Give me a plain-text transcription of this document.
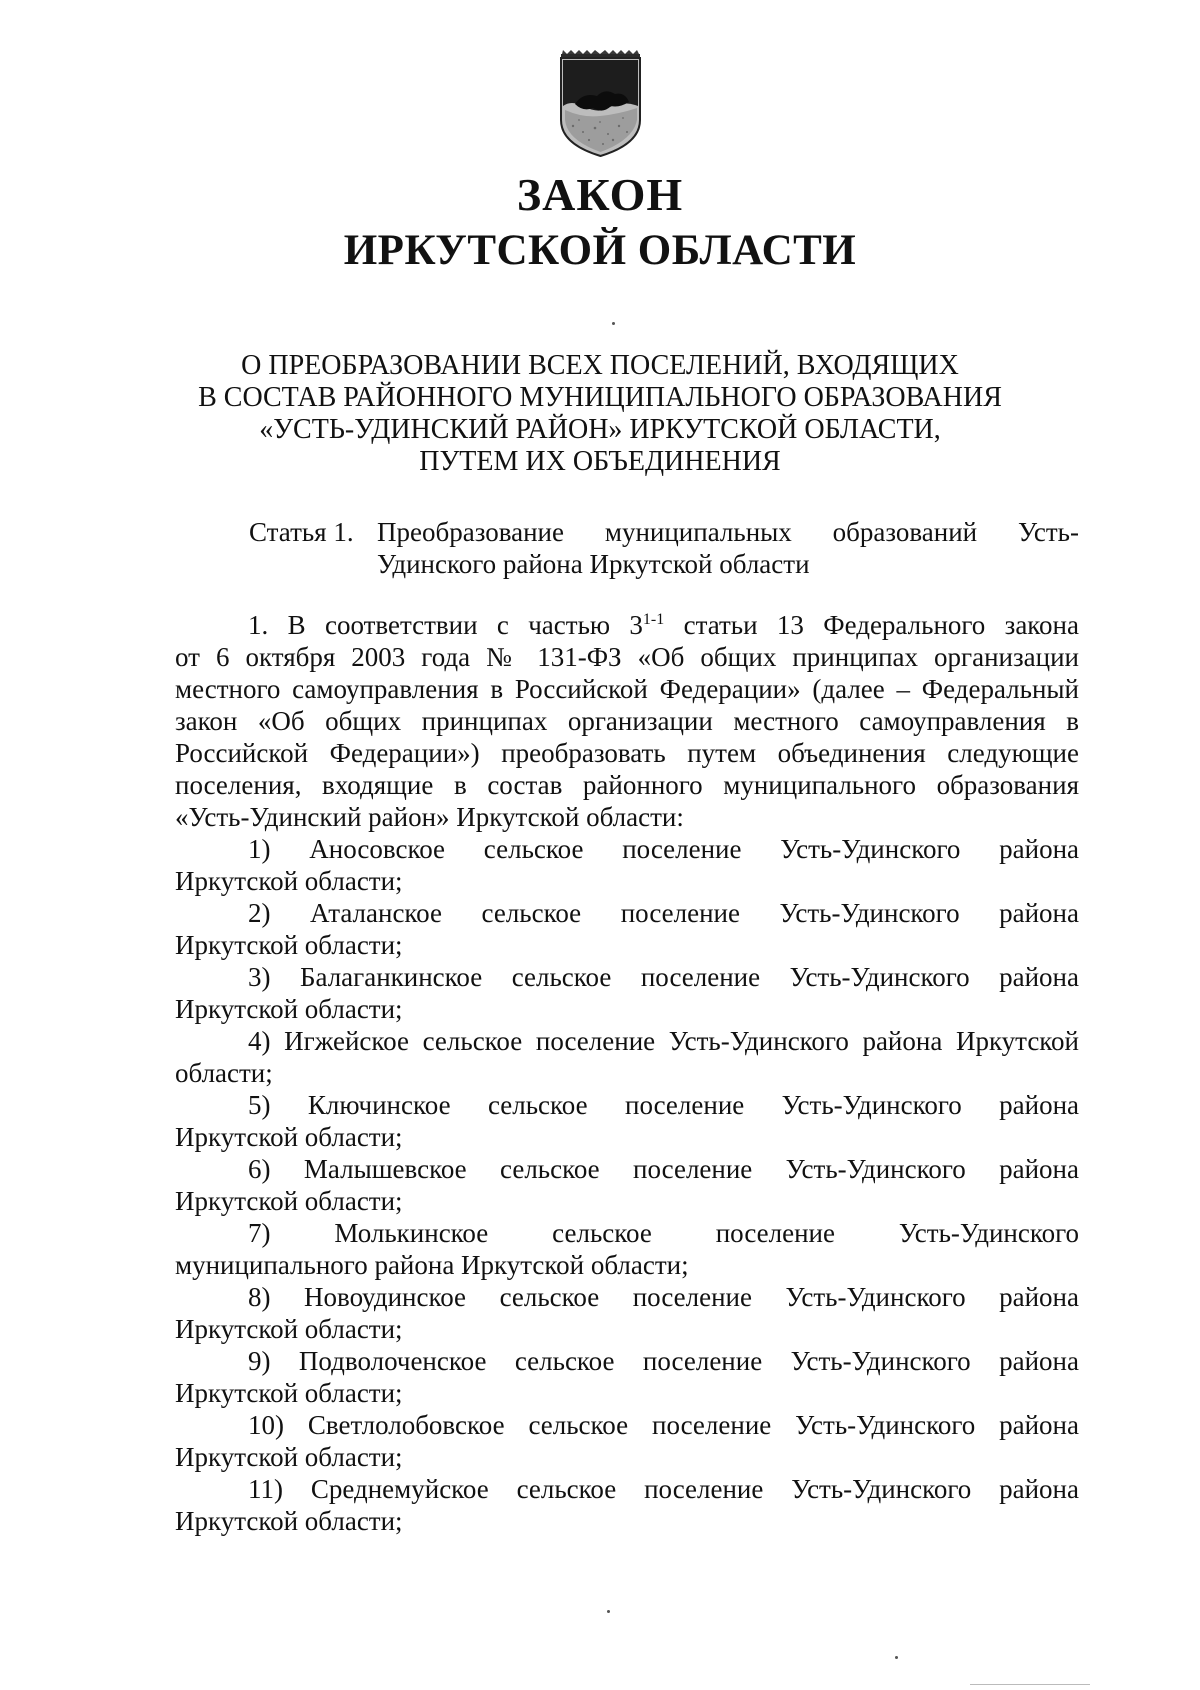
ЗАКОН
ИРКУТСКОЙ ОБЛАСТИ
О ПРЕОБРАЗОВАНИИ ВСЕХ ПОСЕЛЕНИЙ, ВХОДЯЩИХ
В СОСТАВ РАЙОННОГО МУНИЦИПАЛЬНОГО ОБРАЗОВАНИЯ
«УСТЬ-УДИНСКИЙ РАЙОН» ИРКУТСКОЙ ОБЛАСТИ,
ПУТЕМ ИХ ОБЪЕДИНЕНИЯ
Статья 1. Преобразование муниципальных образований Усть-
Удинского района Иркутской области
1. В соответствии с частью 3$^{1-1}$ статьи 13 Федерального закона
от 6 октября 2003 года № 131-ФЗ «Об общих принципах организации
местного самоуправления в Российской Федерации» (далее – Федеральный
закон «Об общих принципах организации местного самоуправления в
Российской Федерации») преобразовать путем объединения следующие
поселения, входящие в состав районного муниципального образования
«Усть-Удинский район» Иркутской области:
1) Аносовское сельское поселение Усть-Удинского района
Иркутской области;
2) Аталанское сельское поселение Усть-Удинского района
Иркутской области;
3) Балаганкинское сельское поселение Усть-Удинского района
Иркутской области;
4) Игжейское сельское поселение Усть-Удинского района Иркутской
области;
5) Ключинское сельское поселение Усть-Удинского района
Иркутской области;
6) Малышевское сельское поселение Усть-Удинского района
Иркутской области;
7) Молькинское сельское поселение Усть-Удинского
муниципального района Иркутской области;
8) Новоудинское сельское поселение Усть-Удинского района
Иркутской области;
9) Подволоченское сельское поселение Усть-Удинского района
Иркутской области;
10) Светлолобовское сельское поселение Усть-Удинского района
Иркутской области;
11) Среднемуйское сельское поселение Усть-Удинского района
Иркутской области;
